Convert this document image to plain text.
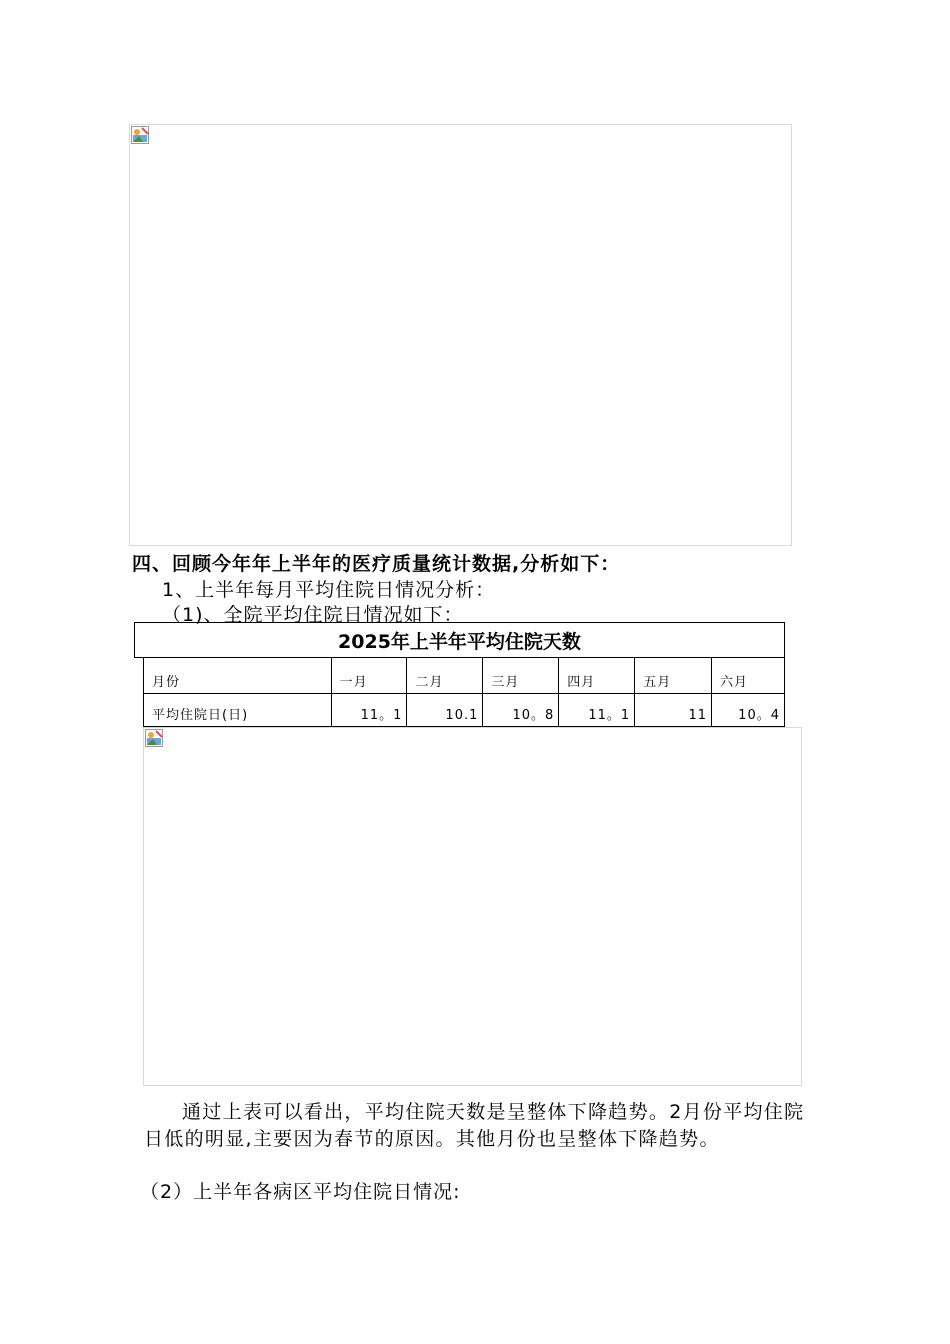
四、回顾今年年上半年的医疗质量统计数据,分析如下：
1、上半年每月平均住院日情况分析：
（1)、全院平均住院日情况如下：
2025年上半年平均住院天数
月份	一月	二月	三月	四月	五月	六月
平均住院日(日)	11。1	10.1	10。8	11。1	11	10。4
通过上表可以看出，平均住院天数是呈整体下降趋势。2月份平均住院日低的明显,主要因为春节的原因。其他月份也呈整体下降趋势。
（2）上半年各病区平均住院日情况:
